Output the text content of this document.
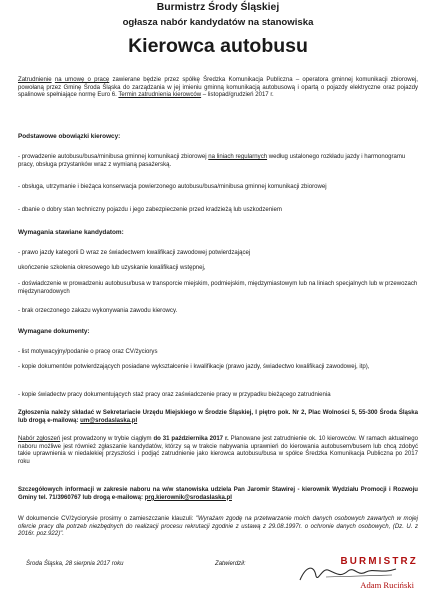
Burmistrz Środy Śląskiej
ogłasza nabór kandydatów na stanowiska
Kierowca autobusu
Zatrudnienie na umowę o pracę zawierane będzie przez spółkę Średzka Komunikacja Publiczna – operatora gminnej komunikacji zbiorowej, powołaną przez Gminę Środa Śląska do zarządzania w jej imieniu gminną komunikacją autobusową i opartą o pojazdy elektryczne oraz pojazdy spalinowe spełniające normę Euro 6. Termin zatrudnienia kierowców – listopad/grudzień 2017 r.
Podstawowe obowiązki kierowcy:
- prowadzenie autobusu/busa/minibusa gminnej komunikacji zbiorowej na liniach regularnych według ustalonego rozkładu jazdy i harmonogramu pracy, obsługa przystanków wraz z wymianą pasażerską.
- obsługa, utrzymanie i bieżąca konserwacja powierzonego autobusu/busa/minibusa gminnej komunikacji zbiorowej
- dbanie o dobry stan techniczny pojazdu i jego zabezpieczenie przed kradzieżą lub uszkodzeniem
Wymagania stawiane kandydatom:
- prawo jazdy kategorii D wraz ze świadectwem kwalifikacji zawodowej potwierdzającej
ukończenie szkolenia okresowego lub uzyskanie kwalifikacji wstępnej,
- doświadczenie w prowadzeniu autobusu/busa w transporcie miejskim, podmiejskim, międzymiastowym lub na liniach specjalnych lub w przewozach międzynarodowych
- brak orzeczonego zakazu wykonywania zawodu kierowcy.
Wymagane dokumenty:
- list motywacyjny/podanie o pracę oraz CV/życiorys
- kopie dokumentów potwierdzających posiadane wykształcenie i kwalifikacje (prawo jazdy, świadectwo kwalifikacji zawodowej, itp),
- kopie świadectw pracy dokumentujących staż pracy oraz zaświadczenie pracy w przypadku bieżącego zatrudnienia
Zgłoszenia należy składać w Sekretariacie Urzędu Miejskiego w Środzie Śląskiej, I piętro pok. Nr 2, Plac Wolności 5, 55-300 Środa Śląska lub drogą e-mailową: um@srodaslaska.pl
Nabór zgłoszeń jest prowadzony w trybie ciągłym do 31 października 2017 r. Planowane jest zatrudnienie ok. 10 kierowców. W ramach aktualnego naboru możliwe jest również zgłaszanie kandydatów, którzy są w trakcie nabywania uprawnień do kierowania autobusem/busem lub chcą zdobyć takie uprawnienia w niedalekiej przyszłości i podjąć zatrudnienie jako kierowca autobusu/busa w spółce Średzka Komunikacja Publiczna po 2017 roku
Szczegółowych informacji w zakresie naboru na w/w stanowiska udziela Pan Jaromir Stawirej - kierownik Wydziału Promocji i Rozwoju Gminy tel. 71/3960767 lub drogą e-mailową: prg.kierownik@srodaslaska.pl
W dokumencie CV/życiorysie prosimy o zamieszczanie klauzuli: "Wyrażam zgodę na przetwarzanie moich danych osobowych zawartych w mojej ofercie pracy dla potrzeb niezbędnych do realizacji procesu rekrutacji zgodnie z ustawą z 29.08.1997r. o ochronie danych osobowych, (Dz. U. z 2016r. poz.922)".
Środa Śląska, 28 sierpnia 2017 roku	Zatwierdził:	BURMISTRZ
Adam Ruciński
